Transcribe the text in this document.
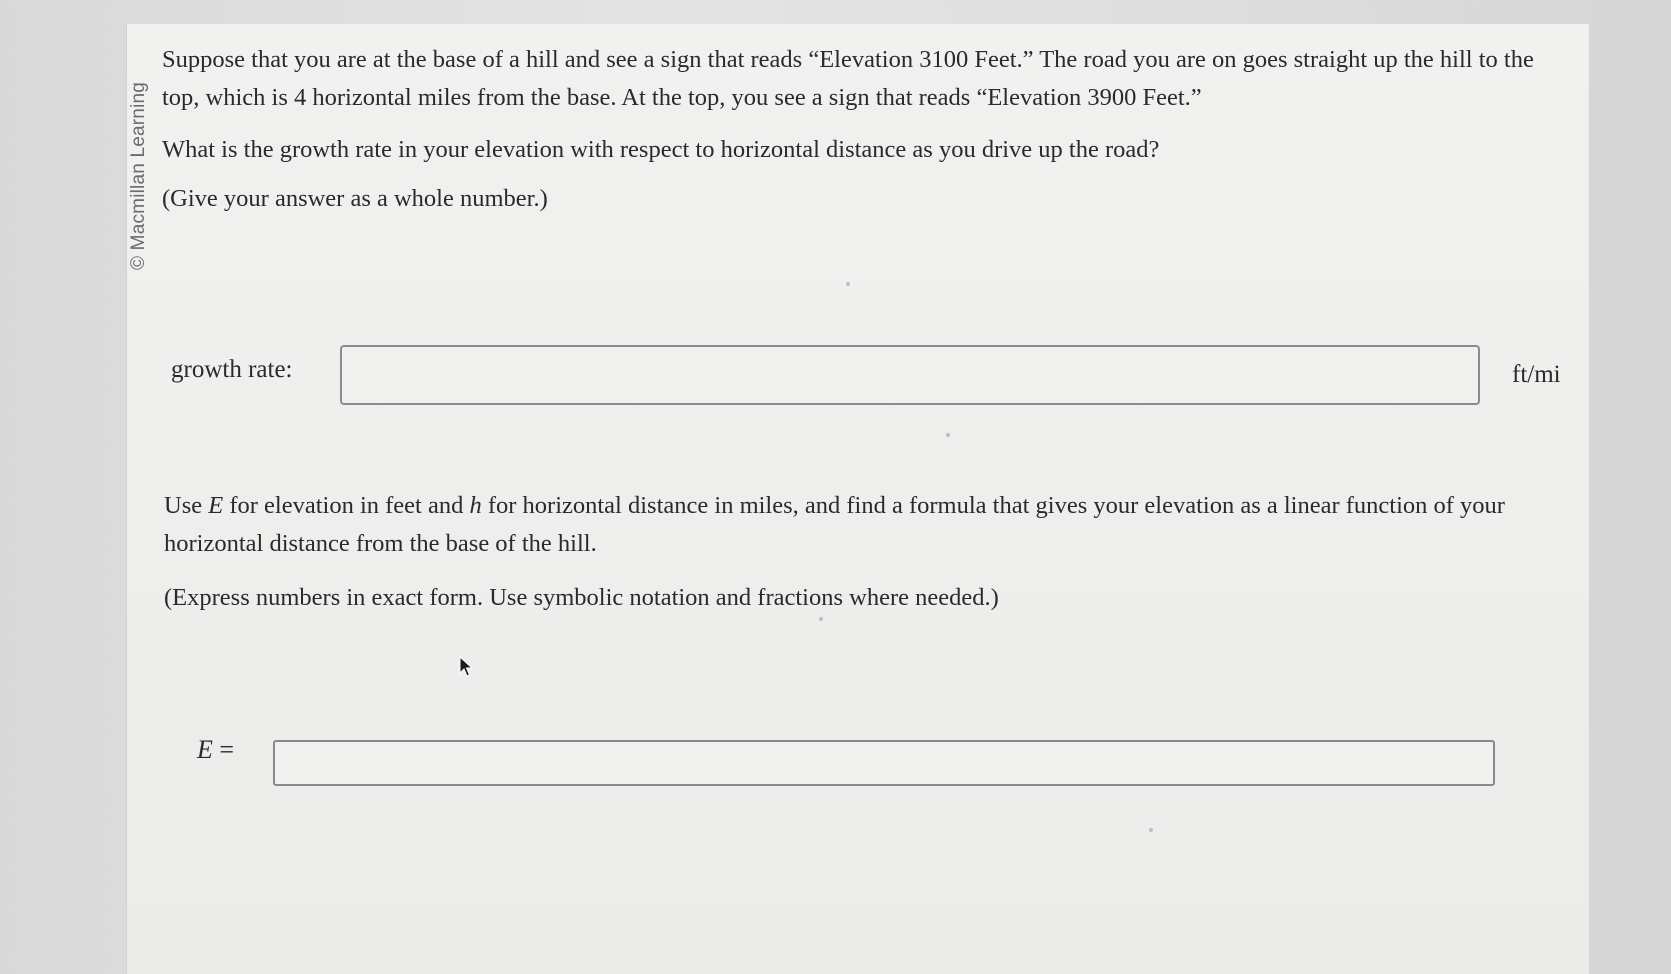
© Macmillan Learning
Suppose that you are at the base of a hill and see a sign that reads “Elevation 3100 Feet.” The road you are on goes straight up the hill to the top, which is 4 horizontal miles from the base. At the top, you see a sign that reads “Elevation 3900 Feet.”
What is the growth rate in your elevation with respect to horizontal distance as you drive up the road?
(Give your answer as a whole number.)
growth rate:	ft/mi
Use E for elevation in feet and h for horizontal distance in miles, and find a formula that gives your elevation as a linear function of your horizontal distance from the base of the hill.
(Express numbers in exact form. Use symbolic notation and fractions where needed.)
E =
